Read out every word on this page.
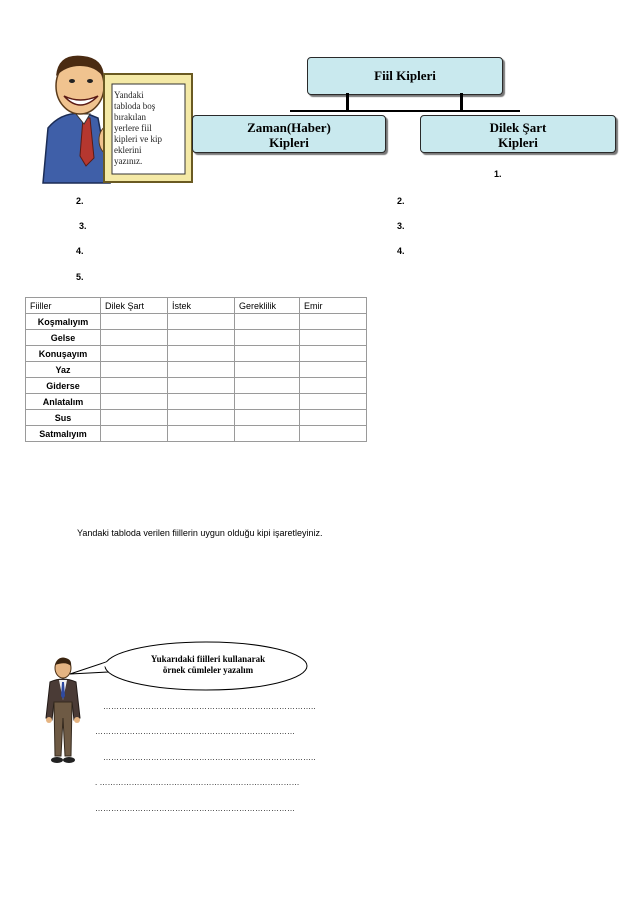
Yandaki
tabloda boş
bırakılan
yerlere fiil
kipleri ve kip
eklerini
yazınız.
Fiil Kipleri
Zaman(Haber)
Kipleri
Dilek Şart
Kipleri
2.
3.
4.
5.
1.
2.
3.
4.
Fiiller	Dilek Şart	İstek	Gereklilik	Emir
Koşmalıyım				
Gelse				
Konuşayım				
Yaz				
Giderse				
Anlatalım				
Sus				
Satmalıyım				
Yandaki tabloda verilen fiillerin uygun olduğu kipi işaretleyiniz.
Yukarıdaki fiilleri kullanarak
örnek cümleler yazalım
……………………………………………………………………..
…………………………………………………………………
……………………………………………………………………..
. …………………………………………………………………
…………………………………………………………………
